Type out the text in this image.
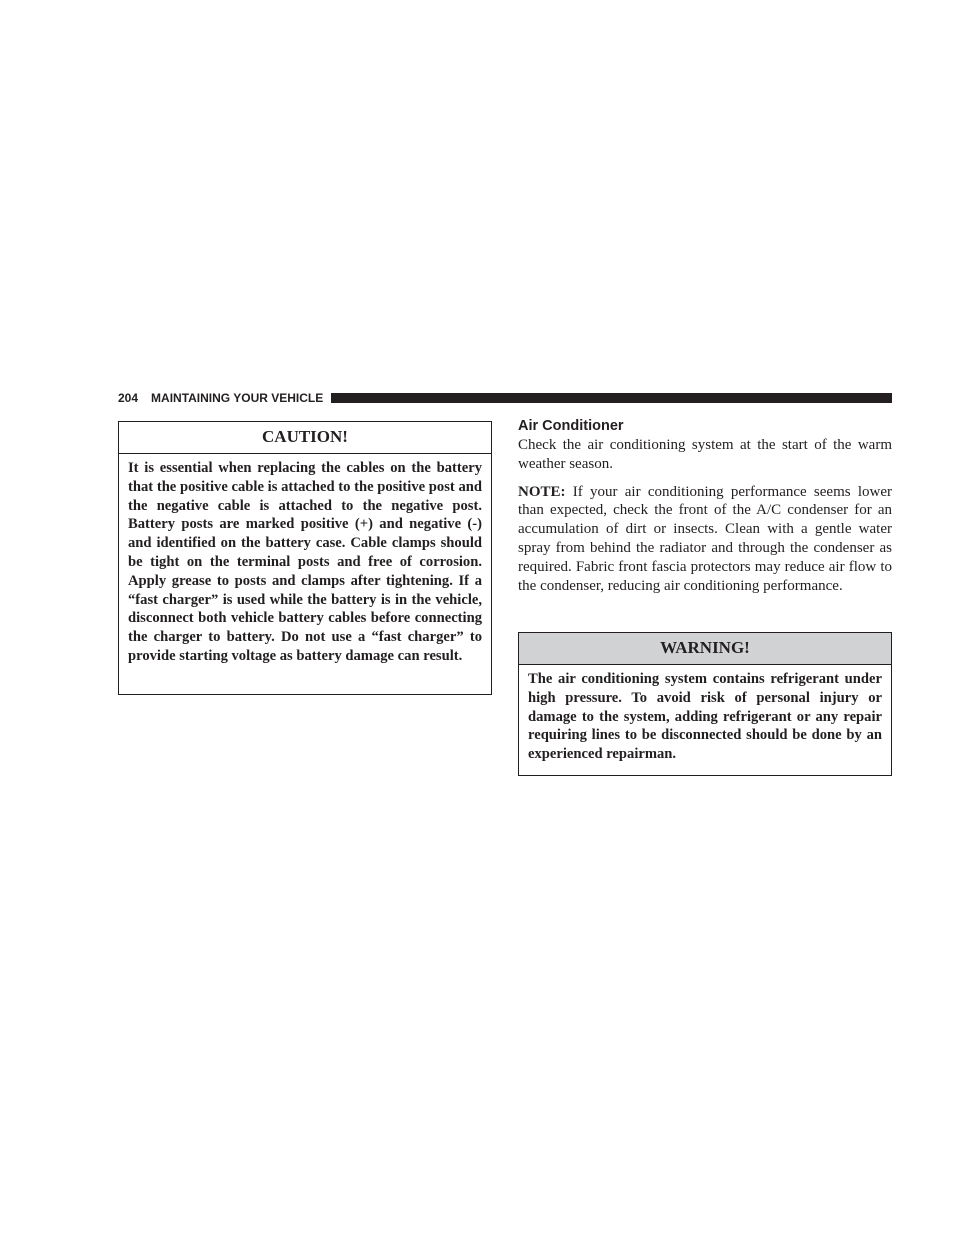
204 MAINTAINING YOUR VEHICLE
CAUTION!

It is essential when replacing the cables on the battery that the positive cable is attached to the positive post and the negative cable is attached to the negative post. Battery posts are marked positive (+) and negative (-) and identified on the battery case. Cable clamps should be tight on the terminal posts and free of corrosion. Apply grease to posts and clamps after tightening. If a “fast charger” is used while the battery is in the vehicle, disconnect both vehicle battery cables before connecting the charger to battery. Do not use a “fast charger” to provide starting voltage as battery damage can result.

Air Conditioner

Check the air conditioning system at the start of the warm weather season.

NOTE: If your air conditioning performance seems lower than expected, check the front of the A/C condenser for an accumulation of dirt or insects. Clean with a gentle water spray from behind the radiator and through the condenser as required. Fabric front fascia protectors may reduce air flow to the condenser, reducing air conditioning performance.

WARNING!

The air conditioning system contains refrigerant under high pressure. To avoid risk of personal injury or damage to the system, adding refrigerant or any repair requiring lines to be disconnected should be done by an experienced repairman.
